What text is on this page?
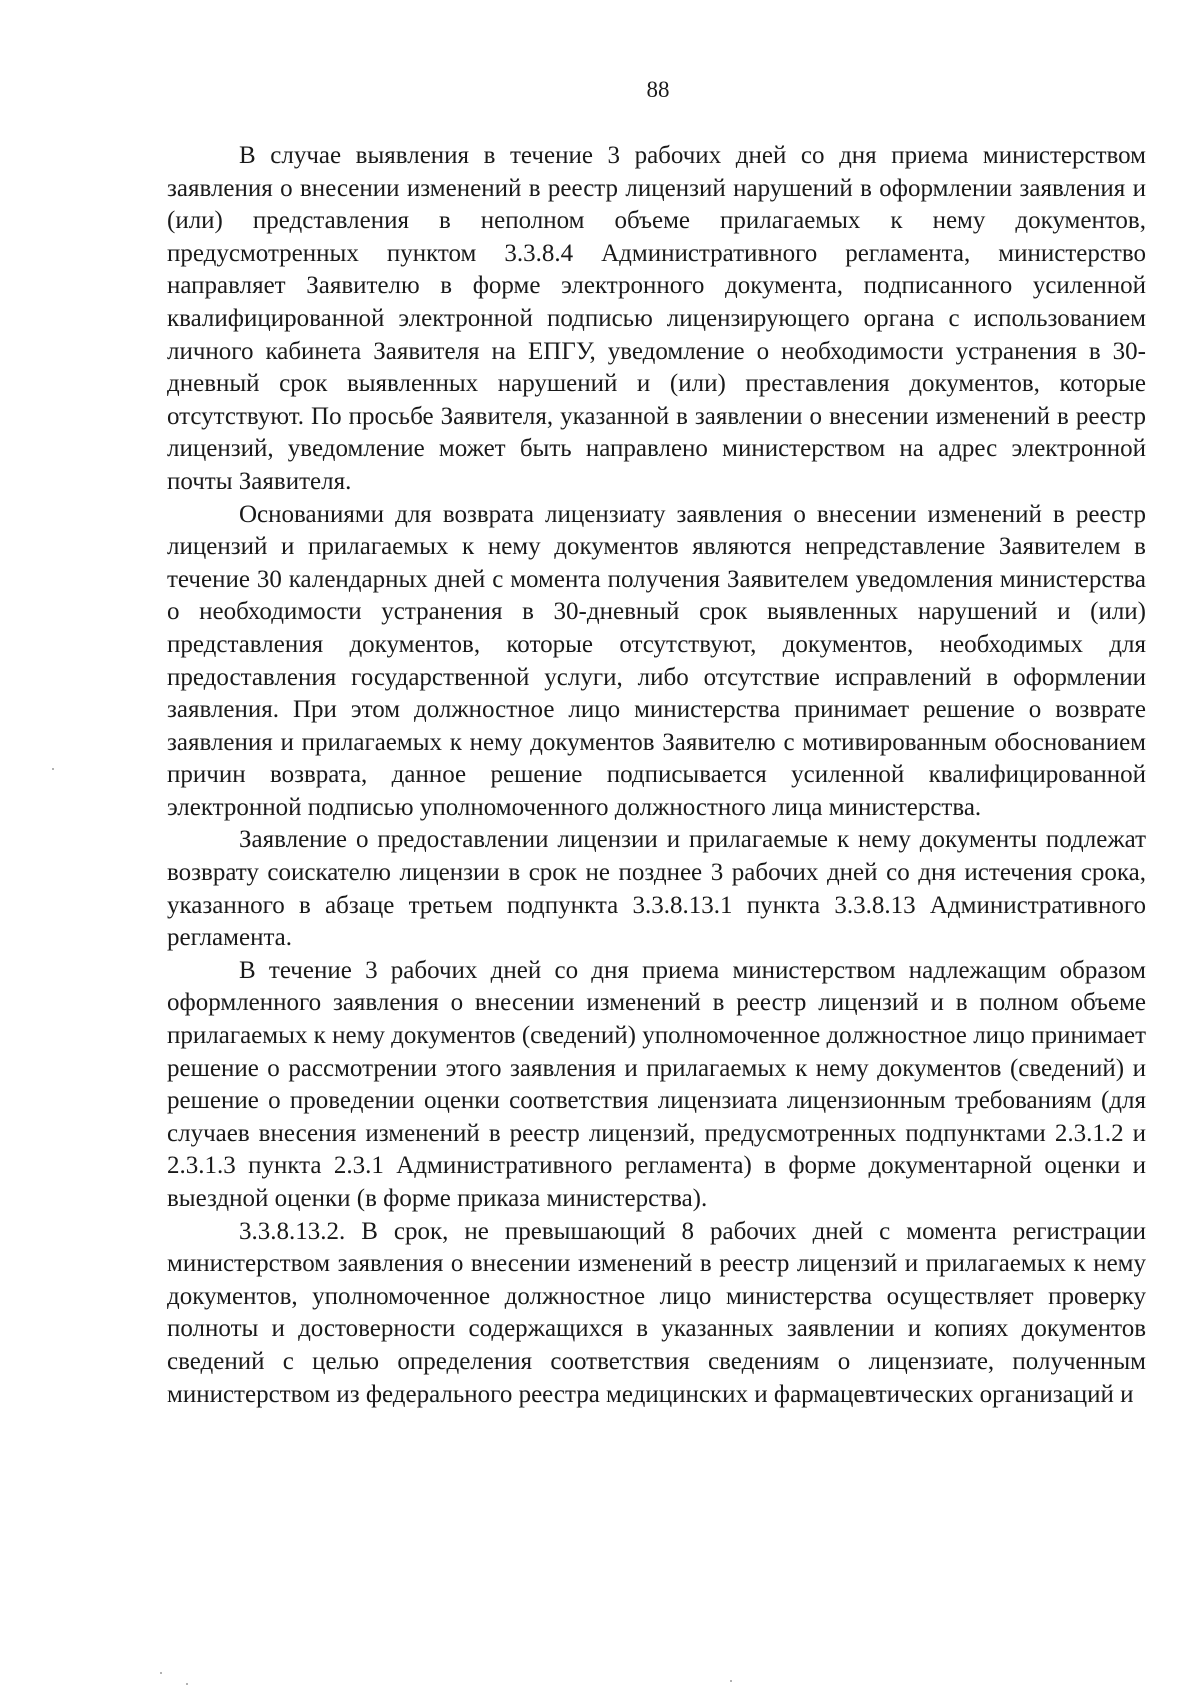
88

В случае выявления в течение 3 рабочих дней со дня приема министерством заявления о внесении изменений в реестр лицензий нарушений в оформлении заявления и (или) представления в неполном объеме прилагаемых к нему документов, предусмотренных пунктом 3.3.8.4 Административного регламента, министерство направляет Заявителю в форме электронного документа, подписанного усиленной квалифицированной электронной подписью лицензирующего органа с использованием личного кабинета Заявителя на ЕПГУ, уведомление о необходимости устранения в 30-дневный срок выявленных нарушений и (или) преставления документов, которые отсутствуют. По просьбе Заявителя, указанной в заявлении о внесении изменений в реестр лицензий, уведомление может быть направлено министерством на адрес электронной почты Заявителя.

Основаниями для возврата лицензиату заявления о внесении изменений в реестр лицензий и прилагаемых к нему документов являются непредставление Заявителем в течение 30 календарных дней с момента получения Заявителем уведомления министерства о необходимости устранения в 30-дневный срок выявленных нарушений и (или) представления документов, которые отсутствуют, документов, необходимых для предоставления государственной услуги, либо отсутствие исправлений в оформлении заявления. При этом должностное лицо министерства принимает решение о возврате заявления и прилагаемых к нему документов Заявителю с мотивированным обоснованием причин возврата, данное решение подписывается усиленной квалифицированной электронной подписью уполномоченного должностного лица министерства.

Заявление о предоставлении лицензии и прилагаемые к нему документы подлежат возврату соискателю лицензии в срок не позднее 3 рабочих дней со дня истечения срока, указанного в абзаце третьем подпункта 3.3.8.13.1 пункта 3.3.8.13 Административного регламента.

В течение 3 рабочих дней со дня приема министерством надлежащим образом оформленного заявления о внесении изменений в реестр лицензий и в полном объеме прилагаемых к нему документов (сведений) уполномоченное должностное лицо принимает решение о рассмотрении этого заявления и прилагаемых к нему документов (сведений) и решение о проведении оценки соответствия лицензиата лицензионным требованиям (для случаев внесения изменений в реестр лицензий, предусмотренных подпунктами 2.3.1.2 и 2.3.1.3 пункта 2.3.1 Административного регламента) в форме документарной оценки и выездной оценки (в форме приказа министерства).

3.3.8.13.2. В срок, не превышающий 8 рабочих дней с момента регистрации министерством заявления о внесении изменений в реестр лицензий и прилагаемых к нему документов, уполномоченное должностное лицо министерства осуществляет проверку полноты и достоверности содержащихся в указанных заявлении и копиях документов сведений с целью определения соответствия сведениям о лицензиате, полученным министерством из федерального реестра медицинских и фармацевтических организаций и
